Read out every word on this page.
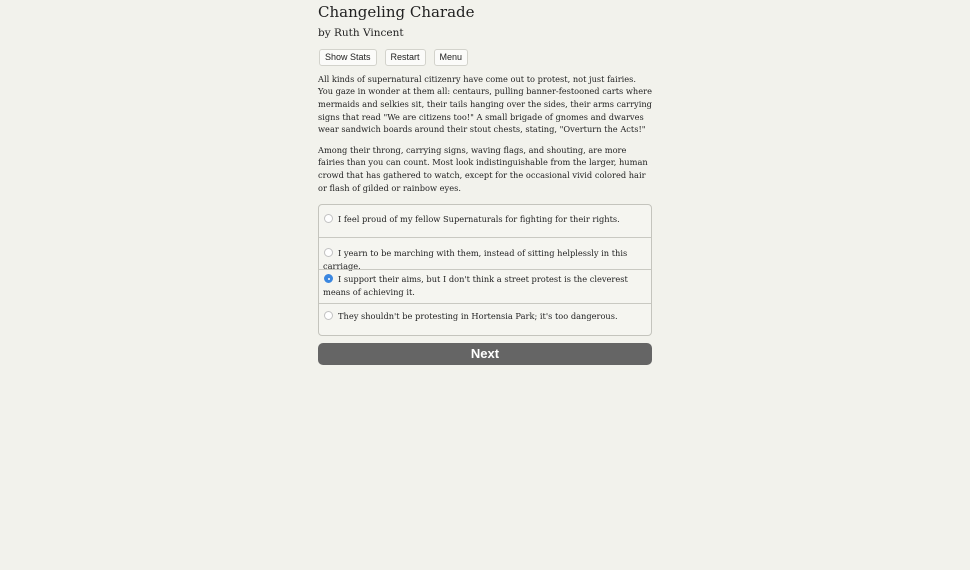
Changeling Charade
by Ruth Vincent
Show Stats	Restart	Menu

All kinds of supernatural citizenry have come out to protest, not just fairies. You gaze in wonder at them all: centaurs, pulling banner-festooned carts where mermaids and selkies sit, their tails hanging over the sides, their arms carrying signs that read "We are citizens too!" A small brigade of gnomes and dwarves wear sandwich boards around their stout chests, stating, "Overturn the Acts!"

Among their throng, carrying signs, waving flags, and shouting, are more fairies than you can count. Most look indistinguishable from the larger, human crowd that has gathered to watch, except for the occasional vivid colored hair or flash of gilded or rainbow eyes.

I feel proud of my fellow Supernaturals for fighting for their rights.
I yearn to be marching with them, instead of sitting helplessly in this carriage.
I support their aims, but I don't think a street protest is the cleverest means of achieving it.
They shouldn't be protesting in Hortensia Park; it's too dangerous.
Next
